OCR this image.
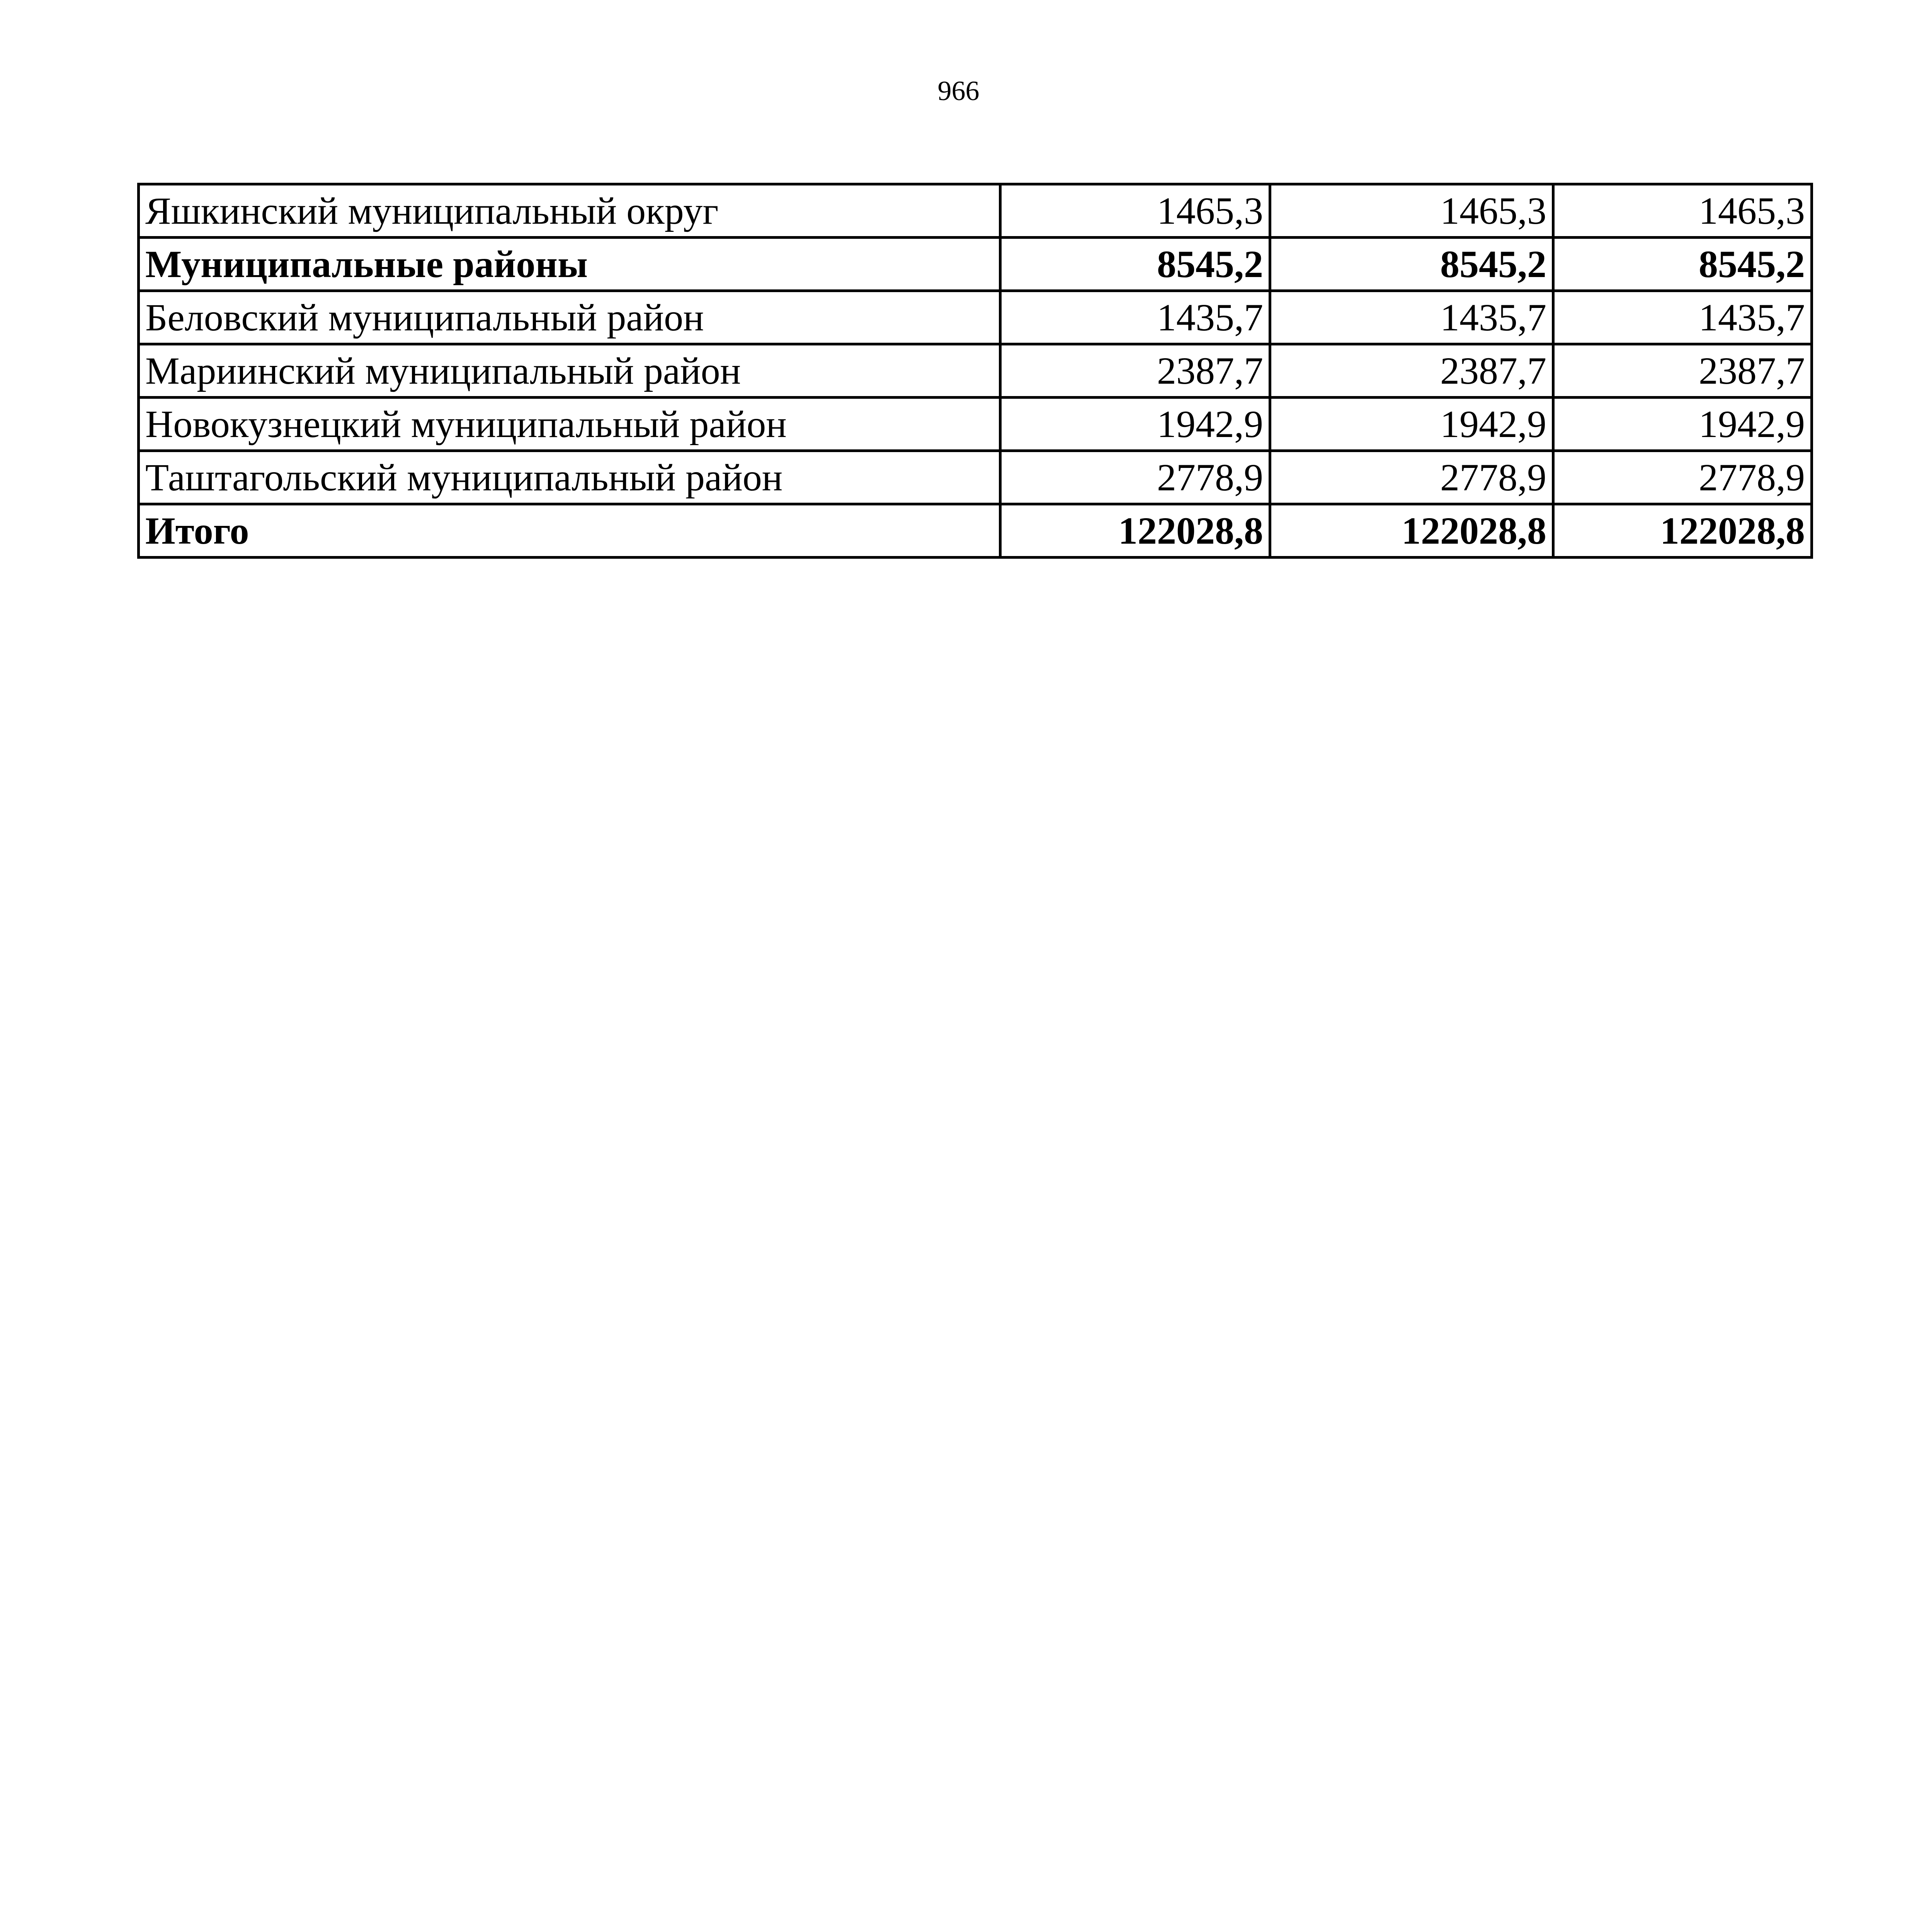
966
Яшкинский муниципальный округ	1465,3	1465,3	1465,3
Муниципальные районы	8545,2	8545,2	8545,2
Беловский муниципальный район	1435,7	1435,7	1435,7
Мариинский муниципальный район	2387,7	2387,7	2387,7
Новокузнецкий муниципальный район	1942,9	1942,9	1942,9
Таштагольский муниципальный район	2778,9	2778,9	2778,9
Итого	122028,8	122028,8	122028,8
